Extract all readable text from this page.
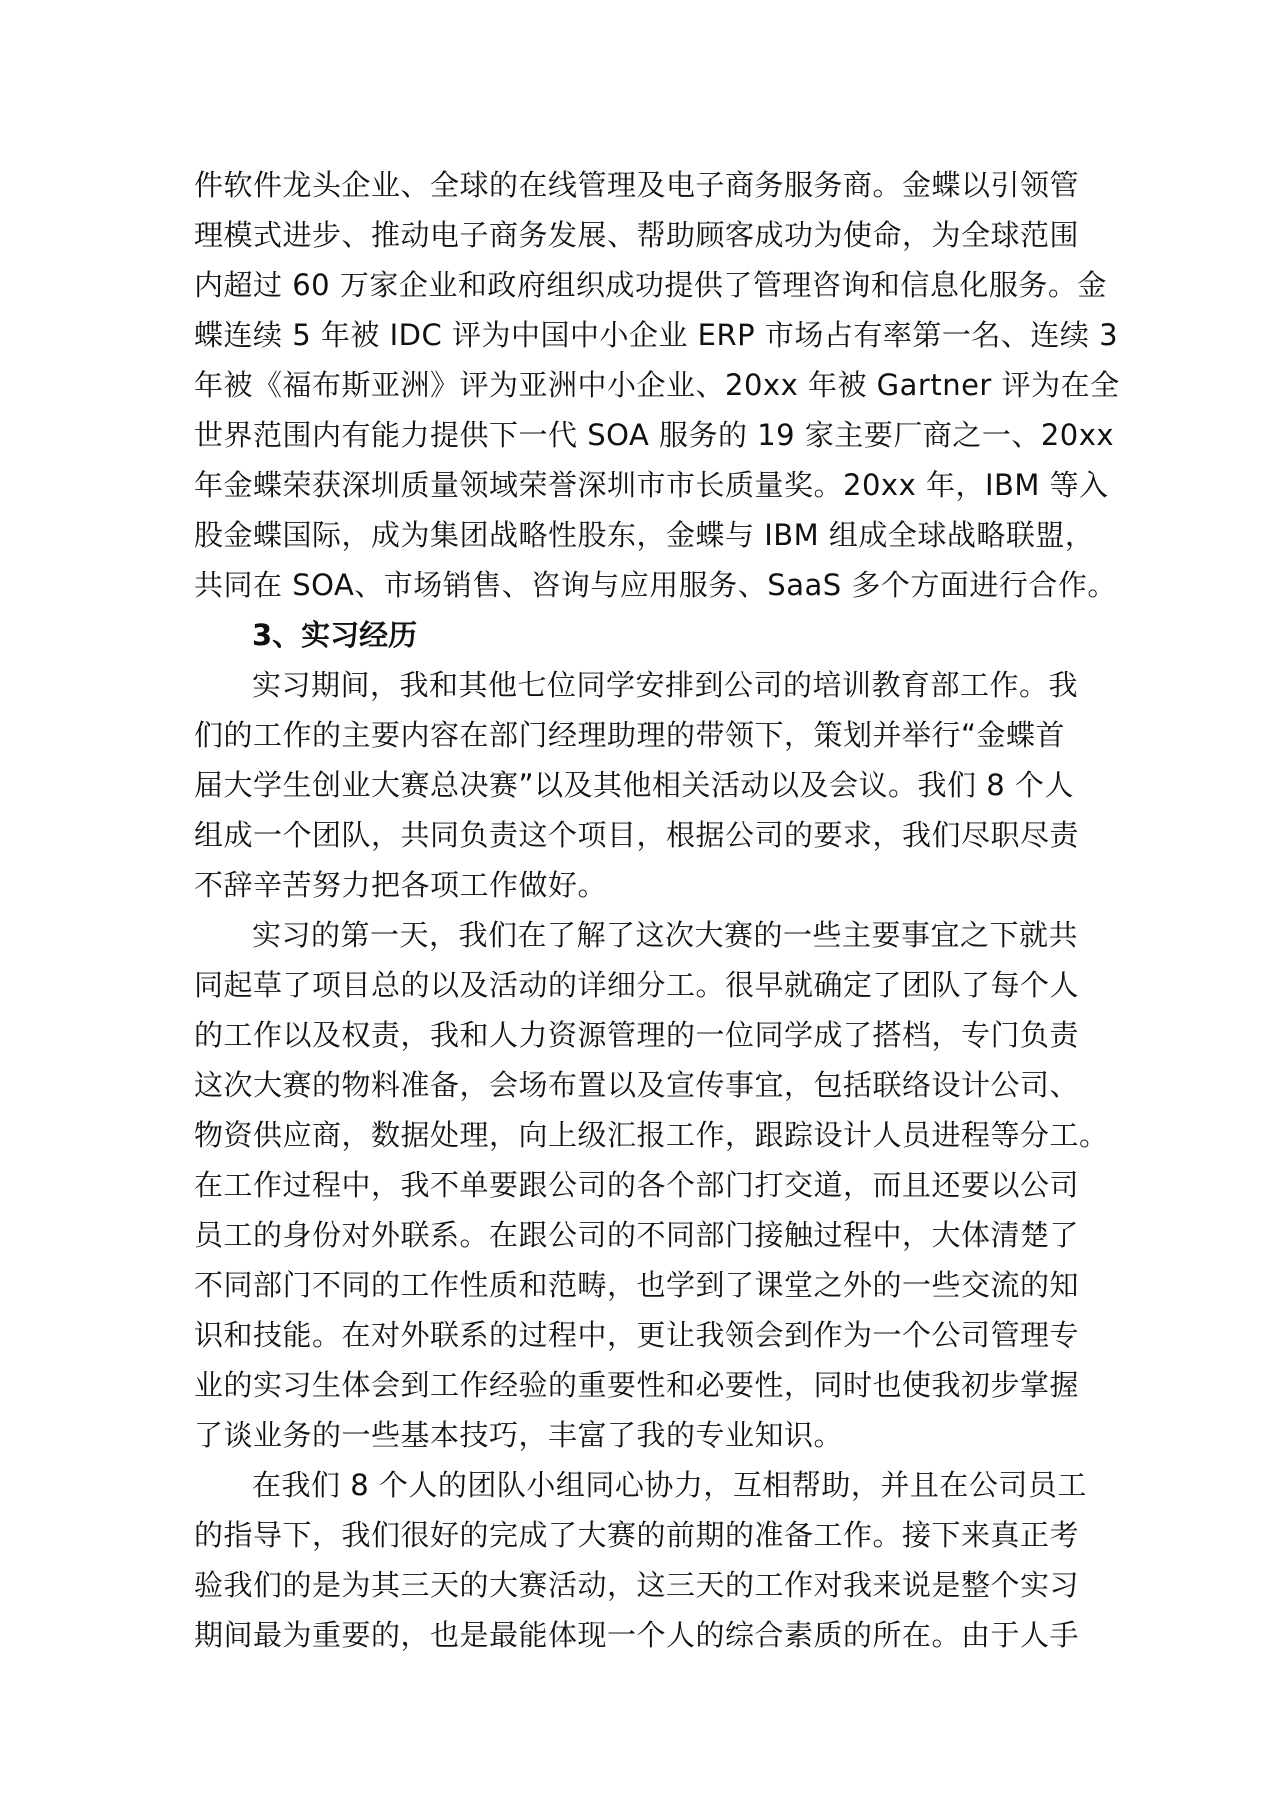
件软件龙头企业、全球的在线管理及电子商务服务商。金蝶以引领管
理模式进步、推动电子商务发展、帮助顾客成功为使命，为全球范围
内超过 60 万家企业和政府组织成功提供了管理咨询和信息化服务。金
蝶连续 5 年被 IDC 评为中国中小企业 ERP 市场占有率第一名、连续 3
年被《福布斯亚洲》评为亚洲中小企业、20xx 年被 Gartner 评为在全
世界范围内有能力提供下一代 SOA 服务的 19 家主要厂商之一、20xx
年金蝶荣获深圳质量领域荣誉深圳市市长质量奖。20xx 年，IBM 等入
股金蝶国际，成为集团战略性股东，金蝶与 IBM 组成全球战略联盟，
共同在 SOA、市场销售、咨询与应用服务、SaaS 多个方面进行合作。
3、实习经历
实习期间，我和其他七位同学安排到公司的培训教育部工作。我
们的工作的主要内容在部门经理助理的带领下，策划并举行“金蝶首
届大学生创业大赛总决赛”以及其他相关活动以及会议。我们 8 个人
组成一个团队，共同负责这个项目，根据公司的要求，我们尽职尽责
不辞辛苦努力把各项工作做好。
实习的第一天，我们在了解了这次大赛的一些主要事宜之下就共
同起草了项目总的以及活动的详细分工。很早就确定了团队了每个人
的工作以及权责，我和人力资源管理的一位同学成了搭档，专门负责
这次大赛的物料准备，会场布置以及宣传事宜，包括联络设计公司、
物资供应商，数据处理，向上级汇报工作，跟踪设计人员进程等分工。
在工作过程中，我不单要跟公司的各个部门打交道，而且还要以公司
员工的身份对外联系。在跟公司的不同部门接触过程中，大体清楚了
不同部门不同的工作性质和范畴，也学到了课堂之外的一些交流的知
识和技能。在对外联系的过程中，更让我领会到作为一个公司管理专
业的实习生体会到工作经验的重要性和必要性，同时也使我初步掌握
了谈业务的一些基本技巧，丰富了我的专业知识。
在我们 8 个人的团队小组同心协力，互相帮助，并且在公司员工
的指导下，我们很好的完成了大赛的前期的准备工作。接下来真正考
验我们的是为其三天的大赛活动，这三天的工作对我来说是整个实习
期间最为重要的，也是最能体现一个人的综合素质的所在。由于人手
